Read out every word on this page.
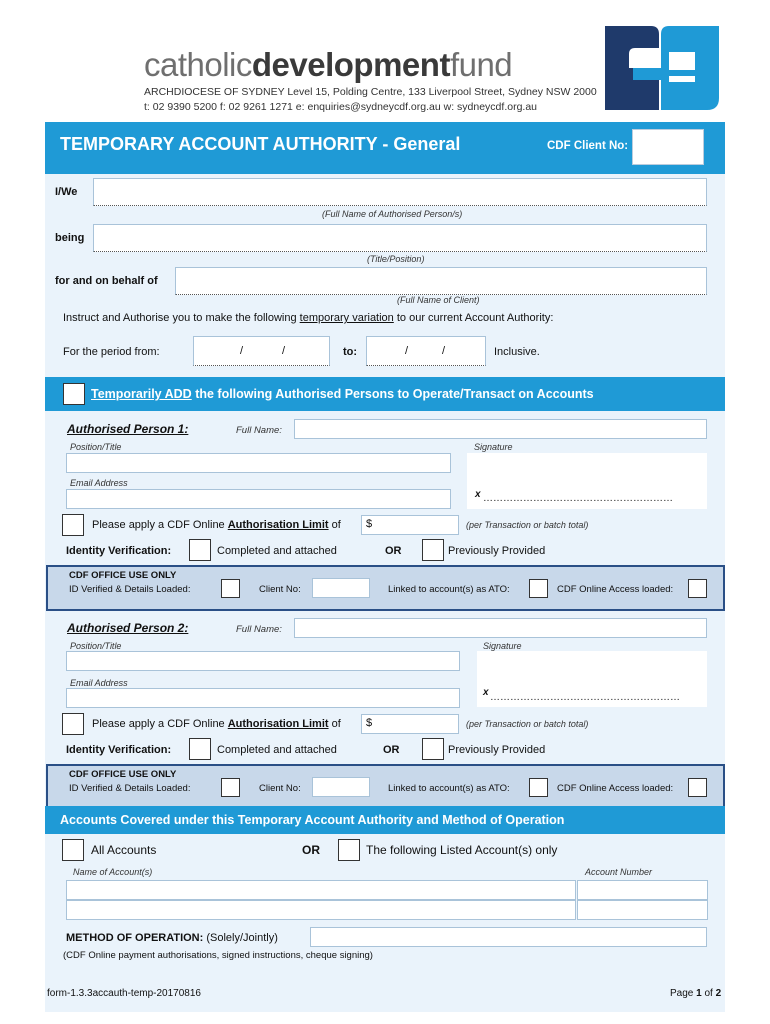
catholicdevelopmentfund
ARCHDIOCESE OF SYDNEY Level 15, Polding Centre, 133 Liverpool Street, Sydney NSW 2000
t: 02 9390 5200 f: 02 9261 1271 e: enquiries@sydneycdf.org.au w: sydneycdf.org.au
TEMPORARY ACCOUNT AUTHORITY - General	CDF Client No:
I/We
(Full Name of Authorised Person/s)
being
(Title/Position)
for and on behalf of
(Full Name of Client)
Instruct and Authorise you to make the following temporary variation to our current Account Authority:
For the period from:	/	/	to:	/	/	Inclusive.
Temporarily ADD the following Authorised Persons to Operate/Transact on Accounts
Authorised Person 1:	Full Name:
Position/Title	Signature
Email Address
x …………………………………………………
Please apply a CDF Online Authorisation Limit of $	(per Transaction or batch total)
Identity Verification:	Completed and attached	OR	Previously Provided
CDF OFFICE USE ONLY
ID Verified & Details Loaded:	Client No:	Linked to account(s) as ATO:	CDF Online Access loaded:
Authorised Person 2:	Full Name:
Position/Title	Signature
Email Address
x …………………………………………………
Please apply a CDF Online Authorisation Limit of $	(per Transaction or batch total)
Identity Verification:	Completed and attached	OR	Previously Provided
CDF OFFICE USE ONLY
ID Verified & Details Loaded:	Client No:	Linked to account(s) as ATO:	CDF Online Access loaded:
Accounts Covered under this Temporary Account Authority and Method of Operation
All Accounts	OR	The following Listed Account(s) only
Name of Account(s)	Account Number
METHOD OF OPERATION: (Solely/Jointly)
(CDF Online payment authorisations, signed instructions, cheque signing)
form-1.3.3accauth-temp-20170816	Page 1 of 2
